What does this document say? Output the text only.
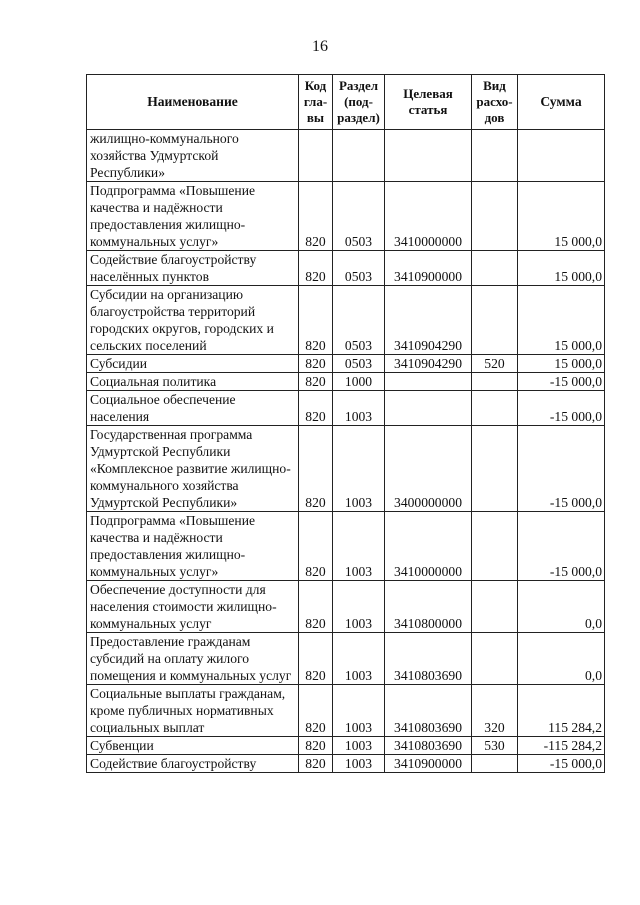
16
Наименование	Код гла-вы	Раздел (под-раздел)	Целевая статья	Вид расхо-дов	Сумма
жилищно-коммунального хозяйства Удмуртской Республики»					
Подпрограмма «Повышение качества и надёжности предоставления жилищно-коммунальных услуг»	820	0503	3410000000		15 000,0
Содействие благоустройству населённых пунктов	820	0503	3410900000		15 000,0
Субсидии на организацию благоустройства территорий городских округов, городских и сельских поселений	820	0503	3410904290		15 000,0
Субсидии	820	0503	3410904290	520	15 000,0
Социальная политика	820	1000			-15 000,0
Социальное обеспечение населения	820	1003			-15 000,0
Государственная программа Удмуртской Республики «Комплексное развитие жилищно-коммунального хозяйства Удмуртской Республики»	820	1003	3400000000		-15 000,0
Подпрограмма «Повышение качества и надёжности предоставления жилищно-коммунальных услуг»	820	1003	3410000000		-15 000,0
Обеспечение доступности для населения стоимости жилищно-коммунальных услуг	820	1003	3410800000		0,0
Предоставление гражданам субсидий на оплату жилого помещения и коммунальных услуг	820	1003	3410803690		0,0
Социальные выплаты гражданам, кроме публичных нормативных социальных выплат	820	1003	3410803690	320	115 284,2
Субвенции	820	1003	3410803690	530	-115 284,2
Содействие благоустройству	820	1003	3410900000		-15 000,0
